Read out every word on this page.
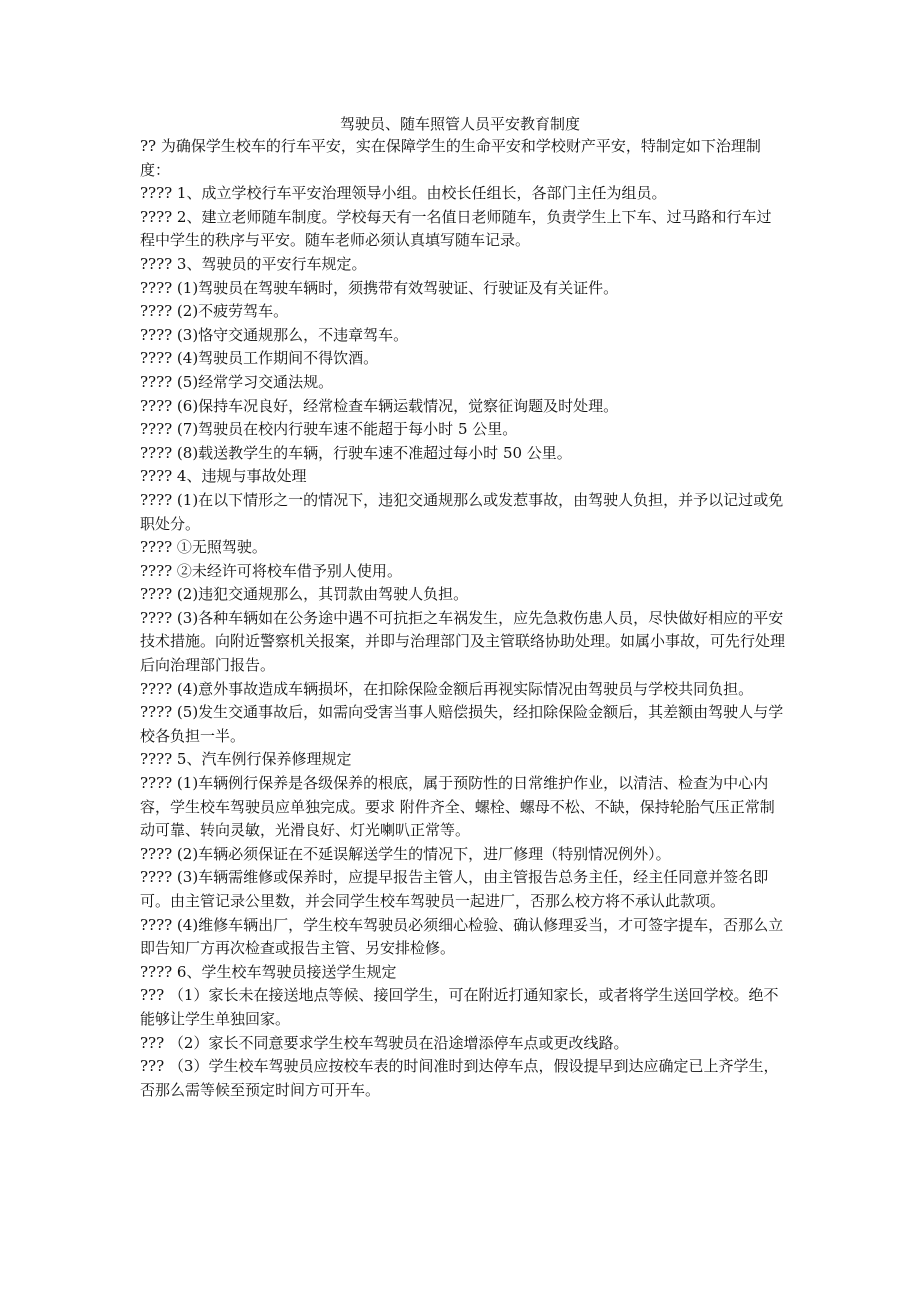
驾驶员、随车照管人员平安教育制度

?? 为确保学生校车的行车平安，实在保障学生的生命平安和学校财产平安，特制定如下治理制度：

???? 1、成立学校行车平安治理领导小组。由校长任组长，各部门主任为组员。

???? 2、建立老师随车制度。学校每天有一名值日老师随车，负责学生上下车、过马路和行车过程中学生的秩序与平安。随车老师必须认真填写随车记录。

???? 3、驾驶员的平安行车规定。

???? (1)驾驶员在驾驶车辆时，须携带有效驾驶证、行驶证及有关证件。

???? (2)不疲劳驾车。

???? (3)恪守交通规那么，不违章驾车。

???? (4)驾驶员工作期间不得饮酒。

???? (5)经常学习交通法规。

???? (6)保持车况良好，经常检查车辆运载情况，觉察征询题及时处理。

???? (7)驾驶员在校内行驶车速不能超于每小时 5 公里。

???? (8)载送教学生的车辆，行驶车速不准超过每小时 50 公里。

???? 4、违规与事故处理

???? (1)在以下情形之一的情况下，违犯交通规那么或发惹事故，由驾驶人负担，并予以记过或免职处分。

???? ①无照驾驶。

???? ②未经许可将校车借予别人使用。

???? (2)违犯交通规那么，其罚款由驾驶人负担。

???? (3)各种车辆如在公务途中遇不可抗拒之车祸发生，应先急救伤患人员，尽快做好相应的平安技术措施。向附近警察机关报案，并即与治理部门及主管联络协助处理。如属小事故，可先行处理后向治理部门报告。

???? (4)意外事故造成车辆损坏，在扣除保险金额后再视实际情况由驾驶员与学校共同负担。

???? (5)发生交通事故后，如需向受害当事人赔偿损失，经扣除保险金额后，其差额由驾驶人与学校各负担一半。

???? 5、汽车例行保养修理规定

???? (1)车辆例行保养是各级保养的根底，属于预防性的日常维护作业，以清洁、检查为中心内容，学生校车驾驶员应单独完成。要求 附件齐全、螺栓、螺母不松、不缺，保持轮胎气压正常制动可靠、转向灵敏，光滑良好、灯光喇叭正常等。

???? (2)车辆必须保证在不延误解送学生的情况下，进厂修理（特别情况例外）。

???? (3)车辆需维修或保养时，应提早报告主管人，由主管报告总务主任，经主任同意并签名即可。由主管记录公里数，并会同学生校车驾驶员一起进厂，否那么校方将不承认此款项。

???? (4)维修车辆出厂，学生校车驾驶员必须细心检验、确认修理妥当，才可签字提车，否那么立即告知厂方再次检查或报告主管、另安排检修。

???? 6、学生校车驾驶员接送学生规定

??? （1）家长未在接送地点等候、接回学生，可在附近打通知家长，或者将学生送回学校。绝不能够让学生单独回家。

??? （2）家长不同意要求学生校车驾驶员在沿途增添停车点或更改线路。

??? （3）学生校车驾驶员应按校车表的时间准时到达停车点，假设提早到达应确定已上齐学生，否那么需等候至预定时间方可开车。
